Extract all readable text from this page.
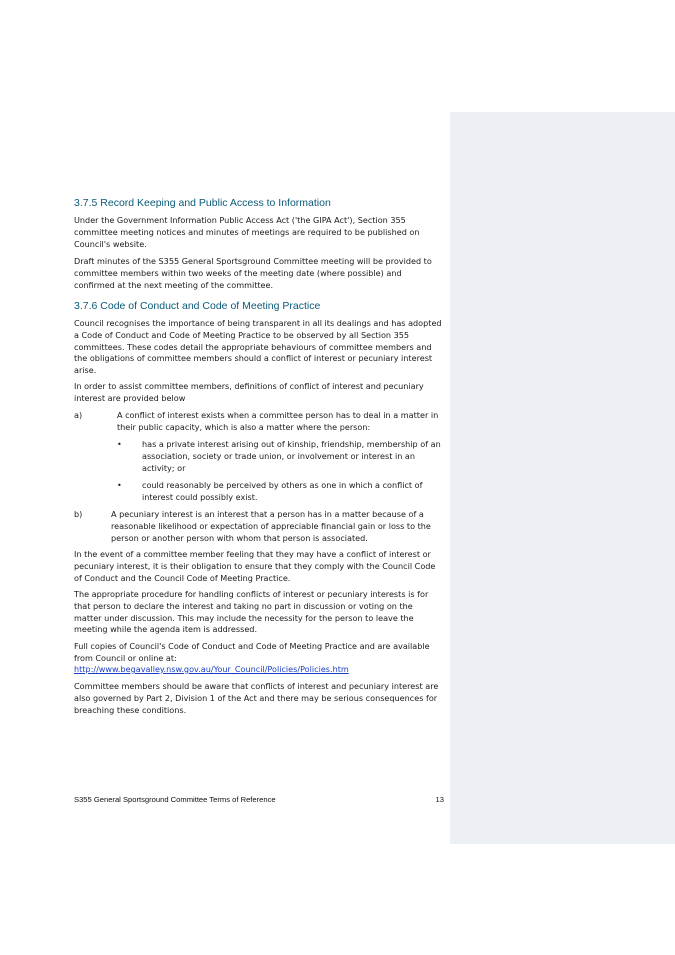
3.7.5 Record Keeping and Public Access to Information

Under the Government Information Public Access Act ('the GIPA Act'), Section 355 committee meeting notices and minutes of meetings are required to be published on Council's website.

Draft minutes of the S355 General Sportsground Committee meeting will be provided to committee members within two weeks of the meeting date (where possible) and confirmed at the next meeting of the committee.

3.7.6 Code of Conduct and Code of Meeting Practice

Council recognises the importance of being transparent in all its dealings and has adopted a Code of Conduct and Code of Meeting Practice to be observed by all Section 355 committees. These codes detail the appropriate behaviours of committee members and the obligations of committee members should a conflict of interest or pecuniary interest arise.

In order to assist committee members, definitions of conflict of interest and pecuniary interest are provided below

a)	A conflict of interest exists when a committee person has to deal in a matter in their public capacity, which is also a matter where the person:

• has a private interest arising out of kinship, friendship, membership of an association, society or trade union, or involvement or interest in an activity; or

• could reasonably be perceived by others as one in which a conflict of interest could possibly exist.

b)	A pecuniary interest is an interest that a person has in a matter because of a reasonable likelihood or expectation of appreciable financial gain or loss to the person or another person with whom that person is associated.

In the event of a committee member feeling that they may have a conflict of interest or pecuniary interest, it is their obligation to ensure that they comply with the Council Code of Conduct and the Council Code of Meeting Practice.

The appropriate procedure for handling conflicts of interest or pecuniary interests is for that person to declare the interest and taking no part in discussion or voting on the matter under discussion. This may include the necessity for the person to leave the meeting while the agenda item is addressed.

Full copies of Council's Code of Conduct and Code of Meeting Practice and are available from Council or online at:

http://www.begavalley.nsw.gov.au/Your_Council/Policies/Policies.htm

Committee members should be aware that conflicts of interest and pecuniary interest are also governed by Part 2, Division 1 of the Act and there may be serious consequences for breaching these conditions.

S355 General Sportsground Committee Terms of Reference	13
